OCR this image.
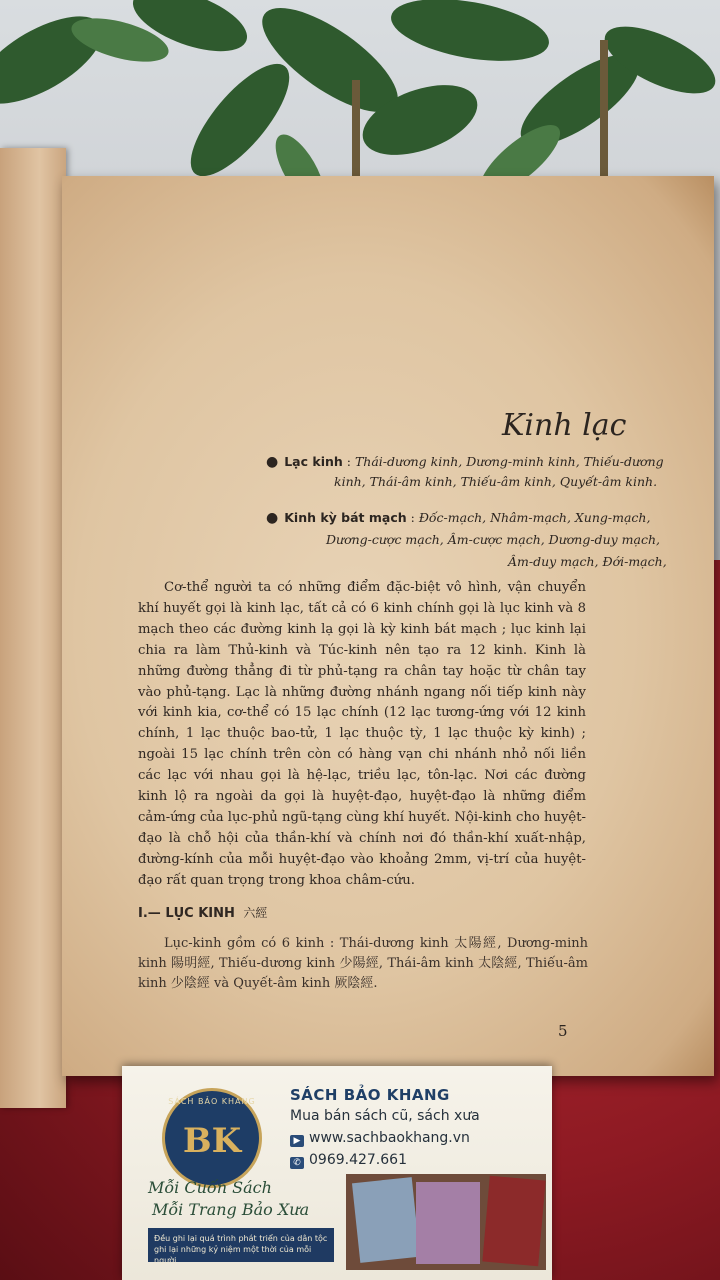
Kinh lạc
● Lạc kinh : Thái-dương kinh, Dương-minh kinh, Thiếu-dương
kinh, Thái-âm kinh, Thiếu-âm kinh, Quyết-âm kinh.
● Kinh kỳ bát mạch : Đốc-mạch, Nhâm-mạch, Xung-mạch,
Dương-cược mạch, Âm-cược mạch, Dương-duy mạch,
Âm-duy mạch, Đới-mạch,
Cơ-thể người ta có những điểm đặc-biệt vô hình, vận chuyển khí huyết gọi là kinh lạc, tất cả có 6 kinh chính gọi là lục kinh và 8 mạch theo các đường kinh lạ gọi là kỳ kinh bát mạch ; lục kinh lại chia ra làm Thủ-kinh và Túc-kinh nên tạo ra 12 kinh. Kinh là những đường thẳng đi từ phủ-tạng ra chân tay hoặc từ chân tay vào phủ-tạng. Lạc là những đường nhánh ngang nối tiếp kinh này với kinh kia, cơ-thể có 15 lạc chính (12 lạc tương-ứng với 12 kinh chính, 1 lạc thuộc bao-tử, 1 lạc thuộc tỳ, 1 lạc thuộc kỳ kinh) ; ngoài 15 lạc chính trên còn có hàng vạn chi nhánh nhỏ nối liền các lạc với nhau gọi là hệ-lạc, triều lạc, tôn-lạc. Nơi các đường kinh lộ ra ngoài da gọi là huyệt-đạo, huyệt-đạo là những điểm cảm-ứng của lục-phủ ngũ-tạng cùng khí huyết. Nội-kinh cho huyệt-đạo là chỗ hội của thần-khí và chính nơi đó thần-khí xuất-nhập, đường-kính của mỗi huyệt-đạo vào khoảng 2mm, vị-trí của huyệt-đạo rất quan trọng trong khoa châm-cứu.
I.— LỤC KINH 六經
Lục-kinh gồm có 6 kinh : Thái-dương kinh 太陽經, Dương-minh kinh 陽明經, Thiếu-dương kinh 少陽經, Thái-âm kinh 太陰經, Thiếu-âm kinh 少陰經 và Quyết-âm kinh 厥陰經.
5
SÁCH BẢO KHANG
BK
SÁCH BẢO KHANG
Mua bán sách cũ, sách xưa
▶ www.sachbaokhang.vn
✆ 0969.427.661
Mỗi Cuốn Sách
Mỗi Trang Bảo Xưa
Đều ghi lại quá trình phát triển của dân tộc ghi lại những kỷ niệm một thời của mỗi người
